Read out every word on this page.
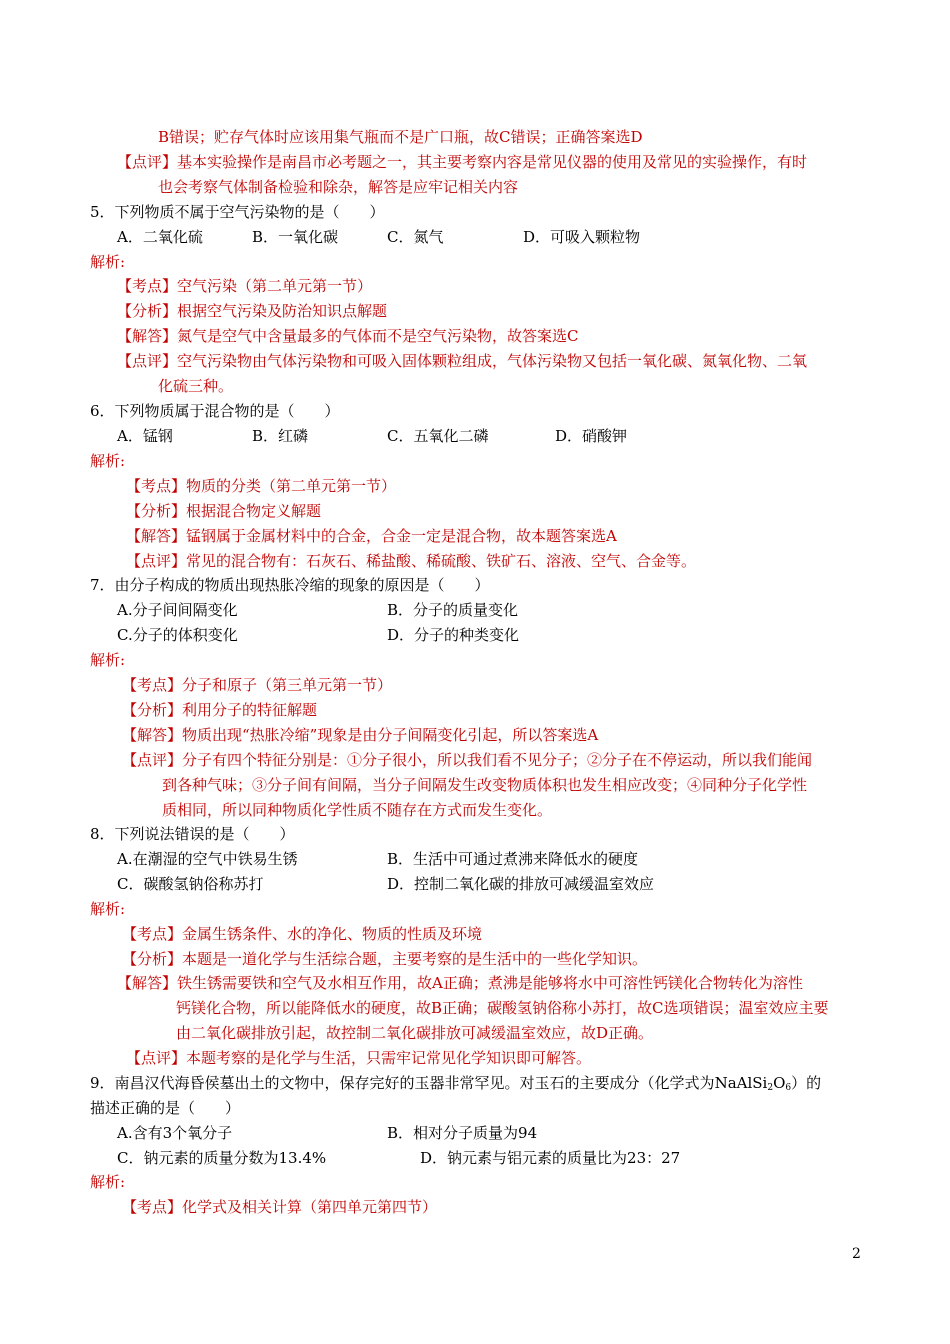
B错误；贮存气体时应该用集气瓶而不是广口瓶，故C错误；正确答案选D
【点评】基本实验操作是南昌市必考题之一，其主要考察内容是常见仪器的使用及常见的实验操作，有时
也会考察气体制备检验和除杂，解答是应牢记相关内容
5．下列物质不属于空气污染物的是（　　）
A．二氧化硫	B．一氧化碳	C．氮气	D．可吸入颗粒物
解析:
【考点】空气污染（第二单元第一节）
【分析】根据空气污染及防治知识点解题
【解答】氮气是空气中含量最多的气体而不是空气污染物，故答案选C
【点评】空气污染物由气体污染物和可吸入固体颗粒组成，气体污染物又包括一氧化碳、氮氧化物、二氧
化硫三种。
6．下列物质属于混合物的是（　　）
A．锰钢	B．红磷	C．五氧化二磷	D．硝酸钾
解析:
【考点】物质的分类（第二单元第一节）
【分析】根据混合物定义解题
【解答】锰钢属于金属材料中的合金，合金一定是混合物，故本题答案选A
【点评】常见的混合物有：石灰石、稀盐酸、稀硫酸、铁矿石、溶液、空气、合金等。
7．由分子构成的物质出现热胀冷缩的现象的原因是（　　）
A.分子间间隔变化	B．分子的质量变化
C.分子的体积变化	D．分子的种类变化
解析:
【考点】分子和原子（第三单元第一节）
【分析】利用分子的特征解题
【解答】物质出现“热胀冷缩”现象是由分子间隔变化引起，所以答案选A
【点评】分子有四个特征分别是：①分子很小，所以我们看不见分子；②分子在不停运动，所以我们能闻
到各种气味；③分子间有间隔，当分子间隔发生改变物质体积也发生相应改变；④同种分子化学性
质相同，所以同种物质化学性质不随存在方式而发生变化。
8．下列说法错误的是（　　）
A.在潮湿的空气中铁易生锈	B．生活中可通过煮沸来降低水的硬度
C．碳酸氢钠俗称苏打	D．控制二氧化碳的排放可减缓温室效应
解析:
【考点】金属生锈条件、水的净化、物质的性质及环境
【分析】本题是一道化学与生活综合题，主要考察的是生活中的一些化学知识。
【解答】铁生锈需要铁和空气及水相互作用，故A正确；煮沸是能够将水中可溶性钙镁化合物转化为溶性
钙镁化合物，所以能降低水的硬度，故B正确；碳酸氢钠俗称小苏打，故C选项错误；温室效应主要
由二氧化碳排放引起，故控制二氧化碳排放可减缓温室效应，故D正确。
【点评】本题考察的是化学与生活，只需牢记常见化学知识即可解答。
9．南昌汉代海昏侯墓出土的文物中，保存完好的玉器非常罕见。对玉石的主要成分（化学式为$NaAlSi_2O_6$）的
描述正确的是（　　）
A.含有3个氧分子	B．相对分子质量为94
C．钠元素的质量分数为13.4%	D．钠元素与铝元素的质量比为23：27
解析:
【考点】化学式及相关计算（第四单元第四节）
2
